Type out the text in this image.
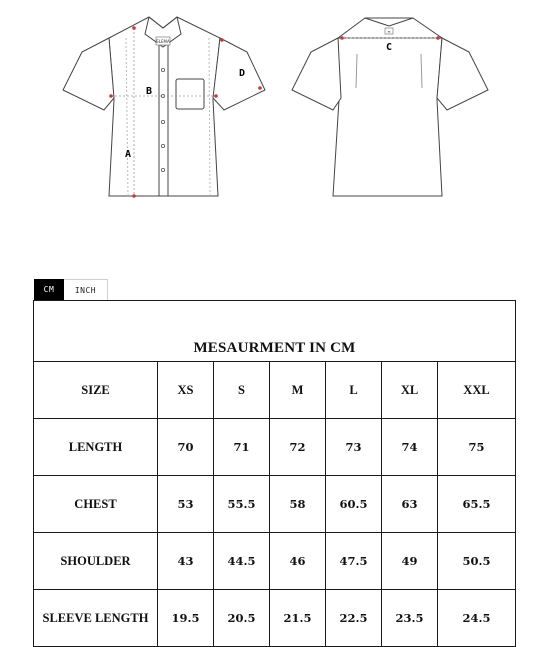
ELEMA
A
B
D
≡
C
CM	INCH
MESAURMENT IN CM						
SIZE	XS	S	M	L	XL	XXL
LENGTH	70	71	72	73	74	75
CHEST	53	55.5	58	60.5	63	65.5
SHOULDER	43	44.5	46	47.5	49	50.5
SLEEVE LENGTH	19.5	20.5	21.5	22.5	23.5	24.5
